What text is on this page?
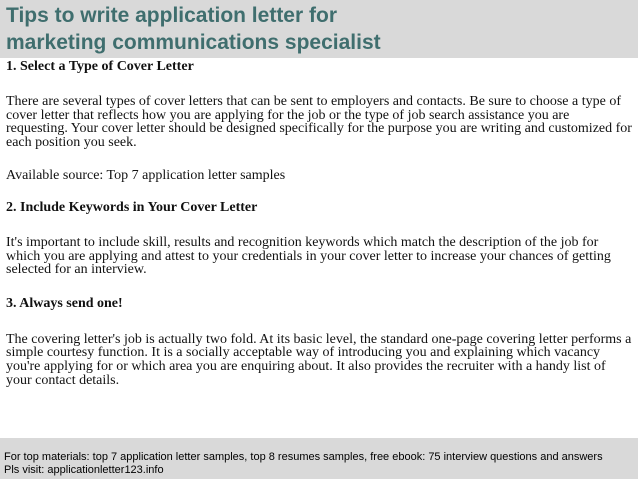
Tips to write application letter for
marketing communications specialist

1. Select a Type of Cover Letter

There are several types of cover letters that can be sent to employers and contacts. Be sure to choose a type of cover letter that reflects how you are applying for the job or the type of job search assistance you are requesting. Your cover letter should be designed specifically for the purpose you are writing and customized for each position you seek.

Available source: Top 7 application letter samples

2. Include Keywords in Your Cover Letter

It's important to include skill, results and recognition keywords which match the description of the job for which you are applying and attest to your credentials in your cover letter to increase your chances of getting selected for an interview.

3. Always send one!

The covering letter's job is actually two fold. At its basic level, the standard one-page covering letter performs a simple courtesy function. It is a socially acceptable way of introducing you and explaining which vacancy you're applying for or which area you are enquiring about. It also provides the recruiter with a handy list of your contact details.

For top materials: top 7 application letter samples, top 8 resumes samples, free ebook: 75 interview questions and answers

Pls visit: applicationletter123.info
